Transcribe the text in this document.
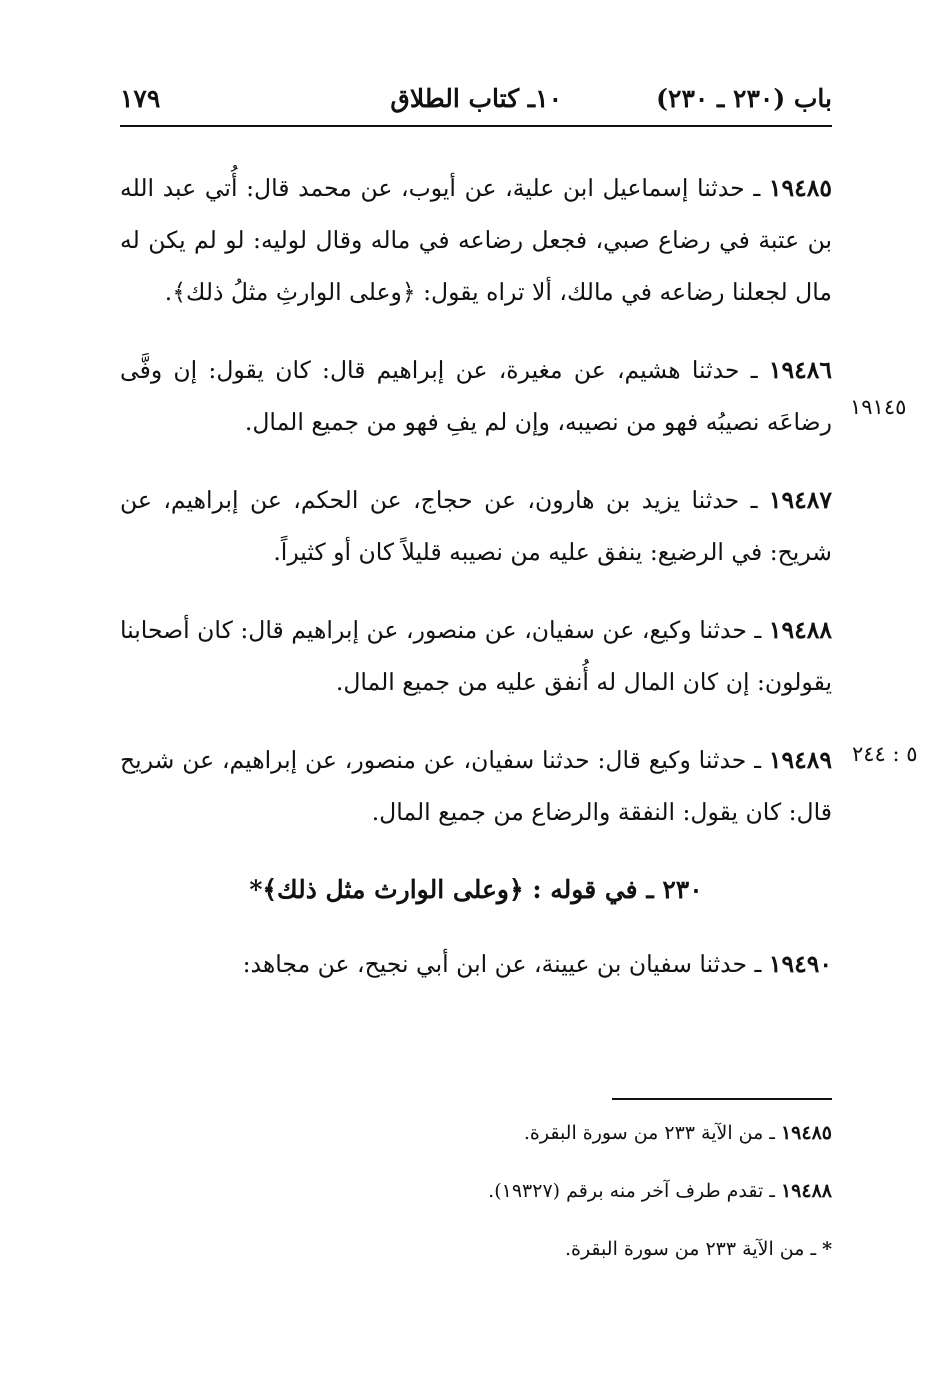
باب (٢٣٠ ـ ٢٣٠)
١٠ـ كتاب الطلاق
١٧٩
١٩١٤٥
٥ : ٢٤٤

١٩٤٨٥ ـ حدثنا إسماعيل ابن علية، عن أيوب، عن محمد قال: أُتي عبد الله بن عتبة في رضاع صبي، فجعل رضاعه في ماله وقال لوليه: لو لم يكن له مال لجعلنا رضاعه في مالك، ألا تراه يقول: ﴿وعلى الوارثِ مثلُ ذلك﴾.

١٩٤٨٦ ـ حدثنا هشيم، عن مغيرة، عن إبراهيم قال: كان يقول: إن وفَّى رضاعَه نصيبُه فهو من نصيبه، وإن لم يفِ فهو من جميع المال.

١٩٤٨٧ ـ حدثنا يزيد بن هارون، عن حجاج، عن الحكم، عن إبراهيم، عن شريح: في الرضيع: ينفق عليه من نصيبه قليلاً كان أو كثيراً.

١٩٤٨٨ ـ حدثنا وكيع، عن سفيان، عن منصور، عن إبراهيم قال: كان أصحابنا يقولون: إن كان المال له أُنفق عليه من جميع المال.

١٩٤٨٩ ـ حدثنا وكيع قال: حدثنا سفيان، عن منصور، عن إبراهيم، عن شريح قال: كان يقول: النفقة والرضاع من جميع المال.

٢٣٠ ـ في قوله : ﴿وعلى الوارث مثل ذلك﴾*

١٩٤٩٠ ـ حدثنا سفيان بن عيينة، عن ابن أبي نجيح، عن مجاهد:

١٩٤٨٥ ـ من الآية ٢٣٣ من سورة البقرة.
١٩٤٨٨ ـ تقدم طرف آخر منه برقم (١٩٣٢٧).
* ـ من الآية ٢٣٣ من سورة البقرة.
